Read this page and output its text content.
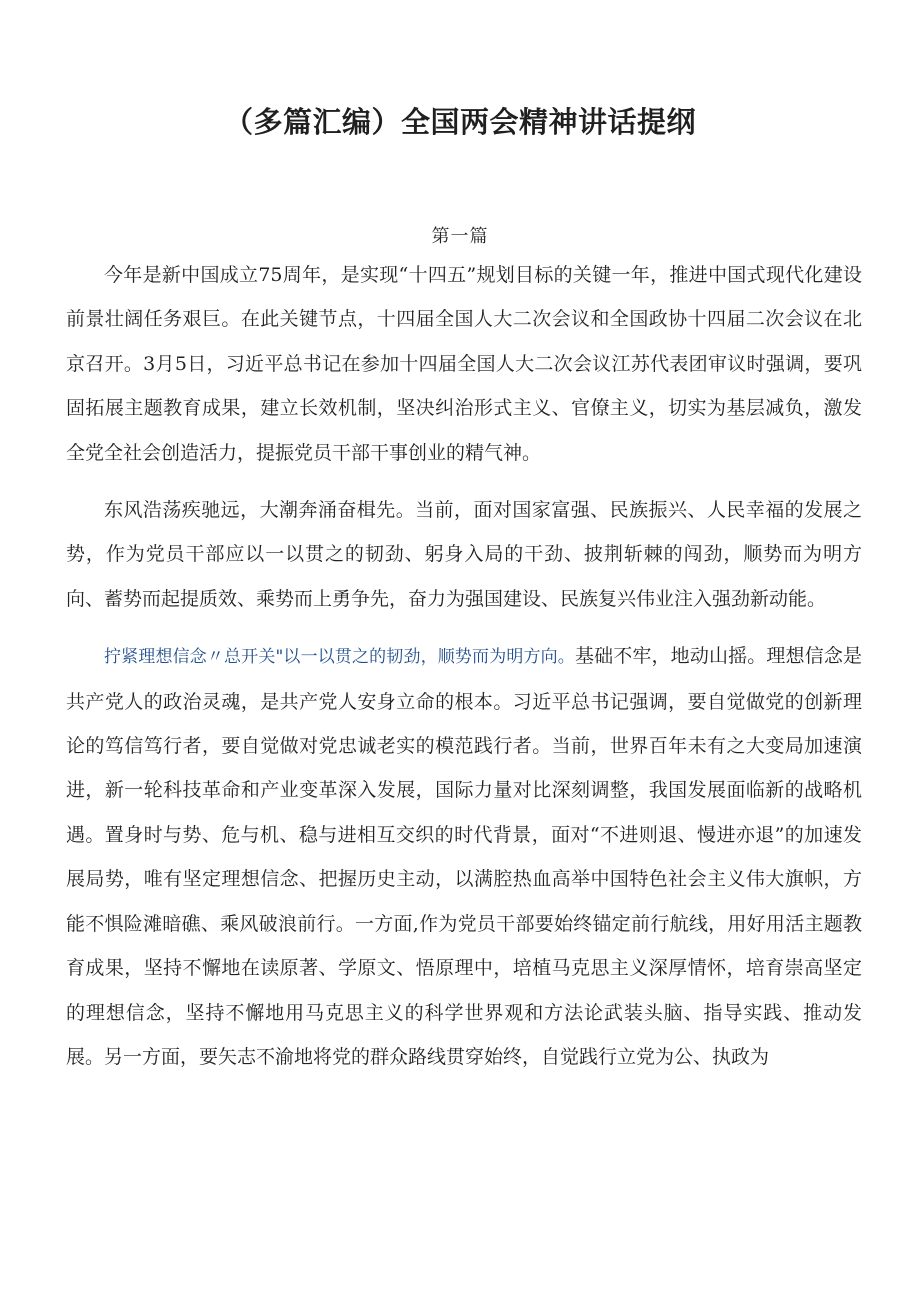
（多篇汇编）全国两会精神讲话提纲
第一篇

今年是新中国成立75周年，是实现“十四五”规划目标的关键一年，推进中国式现代化建设前景壮阔任务艰巨。在此关键节点，十四届全国人大二次会议和全国政协十四届二次会议在北京召开。3月5日，习近平总书记在参加十四届全国人大二次会议江苏代表团审议时强调，要巩固拓展主题教育成果，建立长效机制，坚决纠治形式主义、官僚主义，切实为基层减负，激发全党全社会创造活力，提振党员干部干事创业的精气神。

东风浩荡疾驰远，大潮奔涌奋楫先。当前，面对国家富强、民族振兴、人民幸福的发展之势，作为党员干部应以一以贯之的韧劲、躬身入局的干劲、披荆斩棘的闯劲，顺势而为明方向、蓄势而起提质效、乘势而上勇争先，奋力为强国建设、民族复兴伟业注入强劲新动能。

拧紧理想信念〃总开关"以一以贯之的韧劲，顺势而为明方向。基础不牢，地动山摇。理想信念是共产党人的政治灵魂，是共产党人安身立命的根本。习近平总书记强调，要自觉做党的创新理论的笃信笃行者，要自觉做对党忠诚老实的模范践行者。当前，世界百年未有之大变局加速演进，新一轮科技革命和产业变革深入发展，国际力量对比深刻调整，我国发展面临新的战略机遇。置身时与势、危与机、稳与进相互交织的时代背景，面对“不进则退、慢进亦退”的加速发展局势，唯有坚定理想信念、把握历史主动，以满腔热血高举中国特色社会主义伟大旗帜，方能不惧险滩暗礁、乘风破浪前行。一方面,作为党员干部要始终锚定前行航线，用好用活主题教育成果，坚持不懈地在读原著、学原文、悟原理中，培植马克思主义深厚情怀，培育崇高坚定的理想信念，坚持不懈地用马克思主义的科学世界观和方法论武装头脑、指导实践、推动发展。另一方面，要矢志不渝地将党的群众路线贯穿始终，自觉践行立党为公、执政为
